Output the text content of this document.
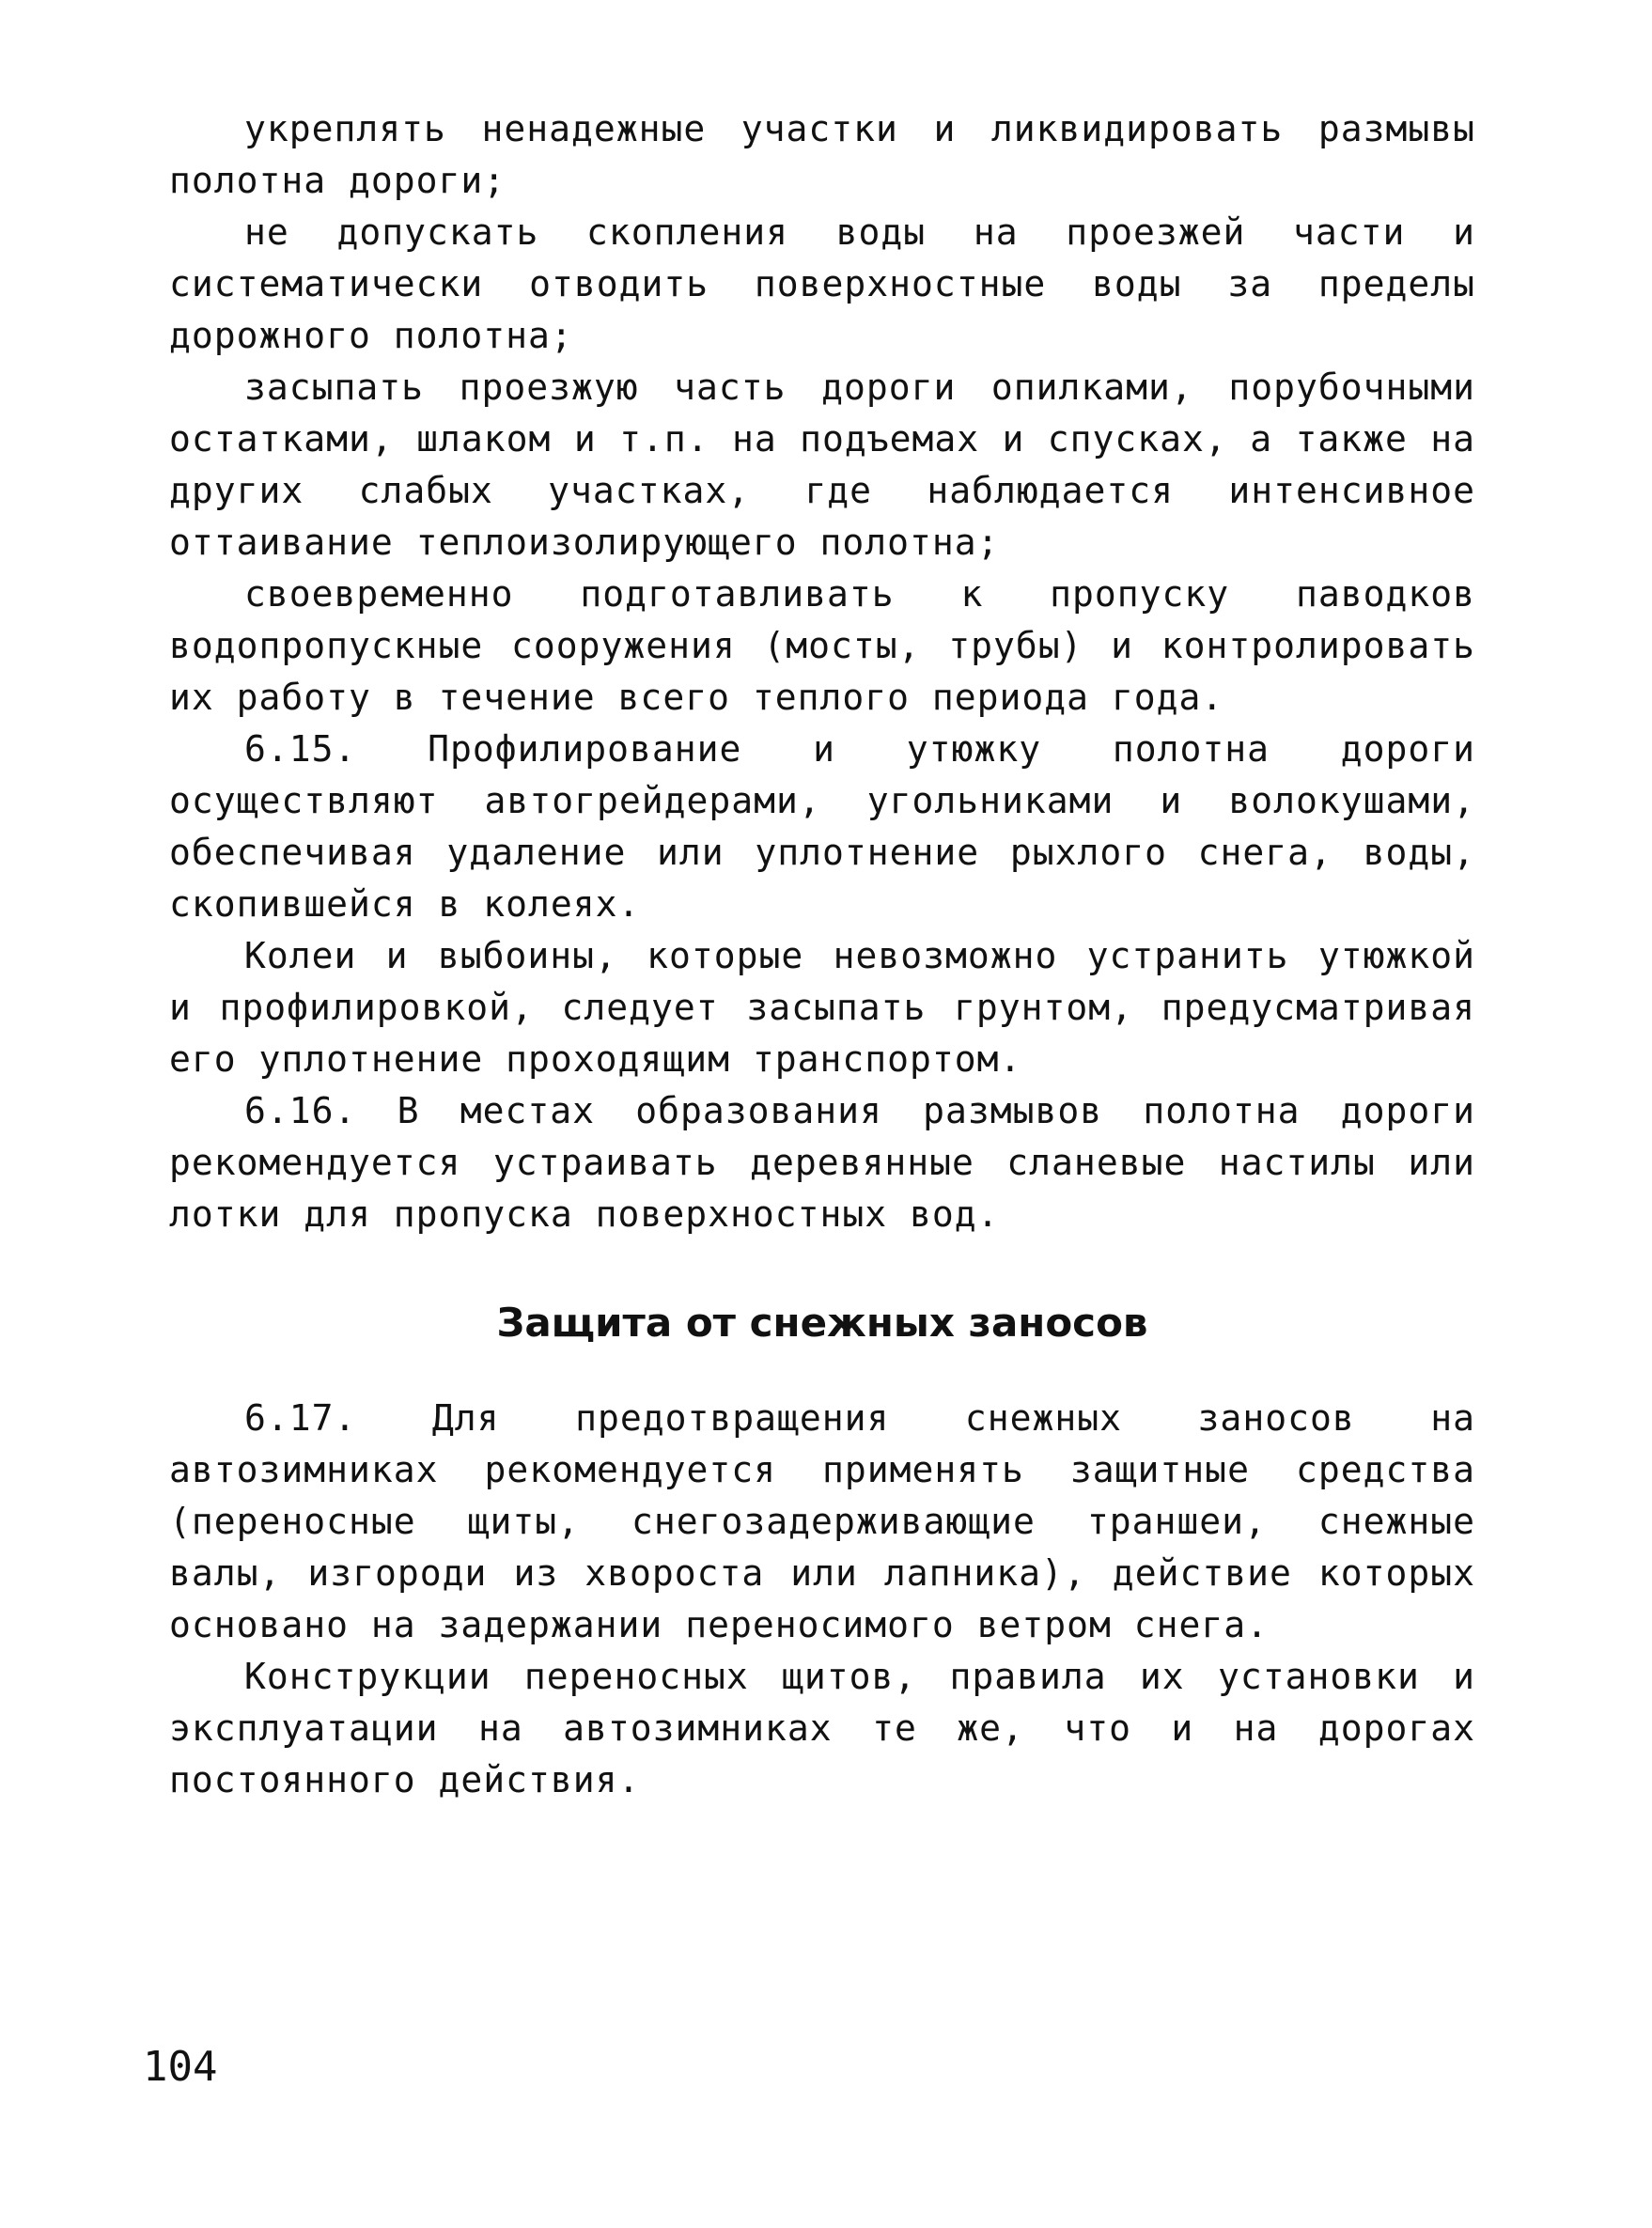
укреплять ненадежные участки и ликвидировать размывы полотна дороги;

не допускать скопления воды на проезжей части и систематически отводить поверхностные воды за пределы дорожного полотна;

засыпать проезжую часть дороги опилками, порубочными остатками, шлаком и т.п. на подъемах и спусках, а также на других слабых участках, где наблюдается интенсивное оттаивание теплоизолирующего полотна;

своевременно подготавливать к пропуску паводков водопропускные сооружения (мосты, трубы) и контролировать их работу в течение всего теплого периода года.

6.15. Профилирование и утюжку полотна дороги осуществляют автогрейдерами, угольниками и волокушами, обеспечивая удаление или уплотнение рыхлого снега, воды, скопившейся в колеях.

Колеи и выбоины, которые невозможно устранить утюжкой и профилировкой, следует засыпать грунтом, предусматривая его уплотнение проходящим транспортом.

6.16. В местах образования размывов полотна дороги рекомендуется устраивать деревянные сланевые настилы или лотки для пропуска поверхностных вод.

Защита от снежных заносов

6.17. Для предотвращения снежных заносов на автозимниках рекомендуется применять защитные средства (переносные щиты, снегозадерживающие траншеи, снежные валы, изгороди из хвороста или лапника), действие которых основано на задержании переносимого ветром снега.

Конструкции переносных щитов, правила их установки и эксплуатации на автозимниках те же, что и на дорогах постоянного действия.

104
